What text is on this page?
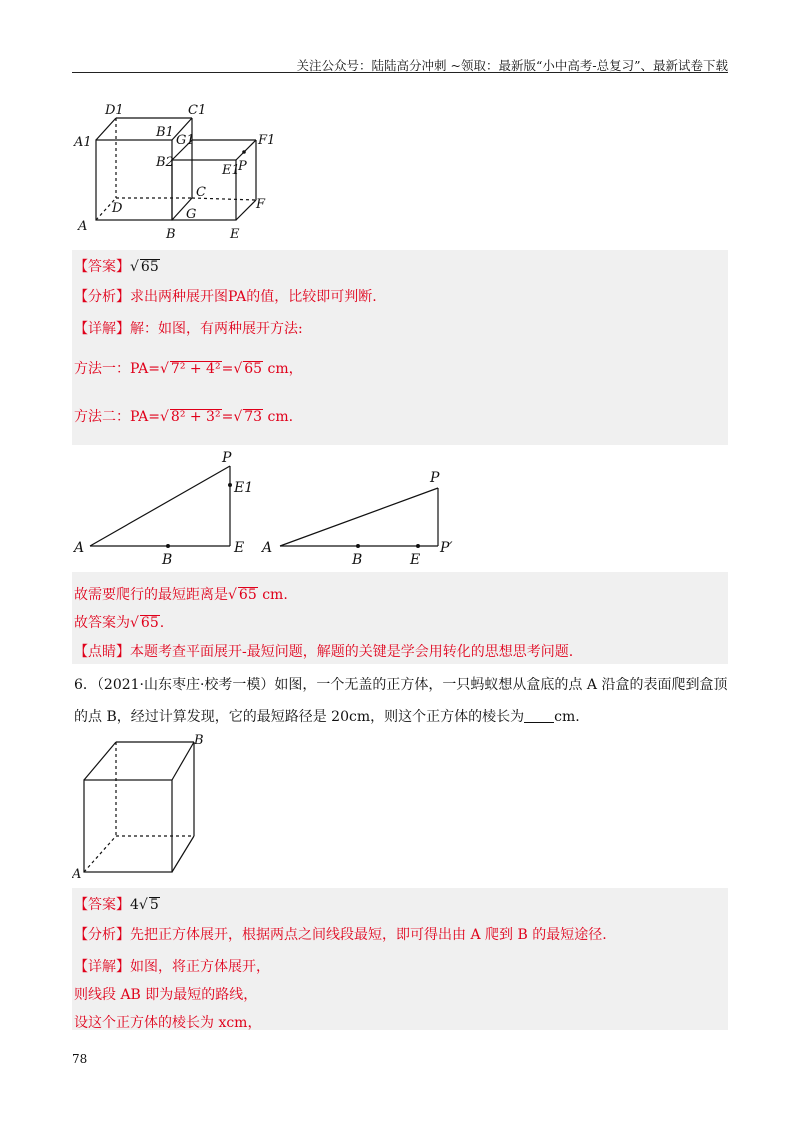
关注公众号：陆陆高分冲刺 ~领取：最新版“小中高考-总复习”、最新试卷下载
D1	C1
A1
B1
G1	F1
B2
E1
P
C
D	G
F
A
B	E
【答案】√ 65
【分析】求出两种展开图PA的值，比较即可判断.
【详解】解：如图，有两种展开方法:
方法一：PA=√ 7² + 4²=√ 65 cm，
方法二：PA=√ 8² + 3²=√ 73 cm.
P
E1
A
B
E
P
A
B	E
P′
故需要爬行的最短距离是√ 65 cm.
故答案为√ 65.
【点睛】本题考查平面展开-最短问题，解题的关键是学会用转化的思想思考问题.
6．（2021·山东枣庄·校考一模）如图，一个无盖的正方体，一只蚂蚁想从盒底的点 A 沿盒的表面爬到盒顶
的点 B，经过计算发现，它的最短路径是 20cm，则这个正方体的棱长为 cm.
B
A
【答案】4√ 5
【分析】先把正方体展开，根据两点之间线段最短，即可得出由 A 爬到 B 的最短途径.
【详解】如图，将正方体展开，
则线段 AB 即为最短的路线，
设这个正方体的棱长为 xcm，
78
